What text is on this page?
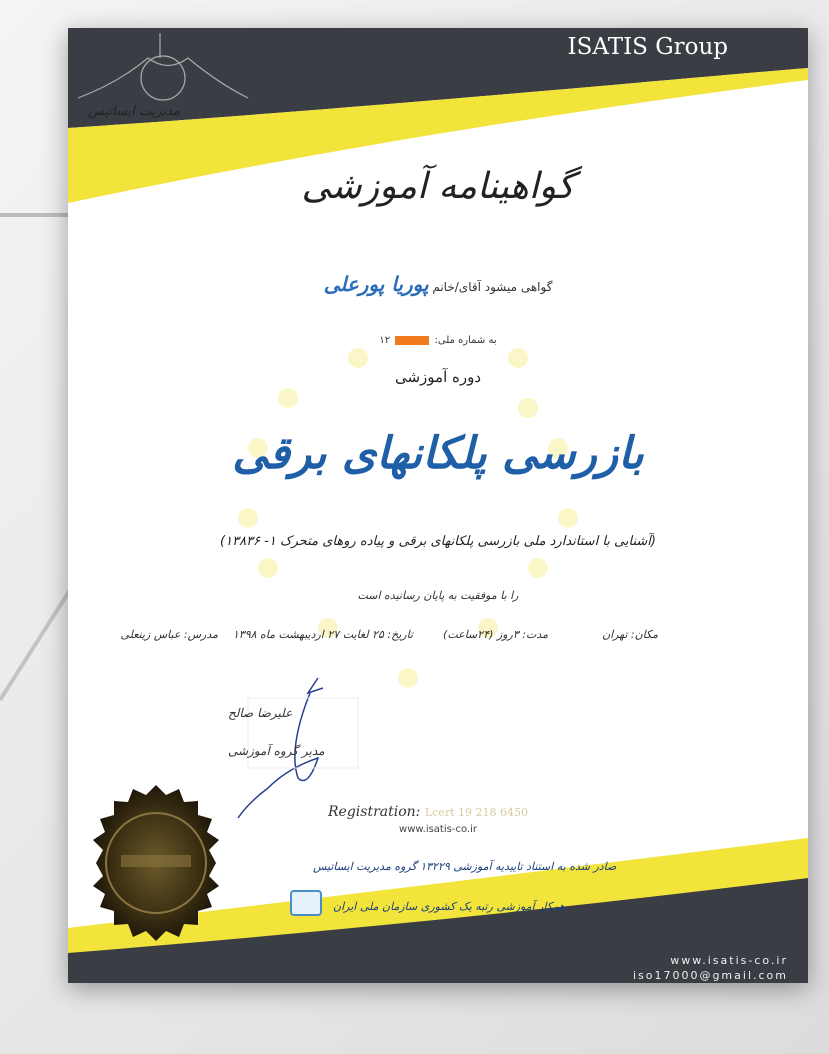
ISATIS Group
مدیریت ایساتیس
گواهینامه آموزشی
گواهی میشود آقای/خانم پوریا پورعلی
به شماره ملی:  ۱۲
دوره آموزشی
بازرسی پلکانهای برقی
(آشنایی با استاندارد ملی بازرسی پلکانهای برقی و پیاده روهای متحرک ۱- ۱۳۸۳۶)
را با موفقیت به پایان رسانیده است
مکان: تهران
مدت: ۳روز (۲۴ساعت)
تاریخ: ۲۵ لغایت ۲۷ اردیبهشت ماه ۱۳۹۸
مدرس: عباس زینعلی
علیرضا صالح
مدیر گروه آموزشی
Registration: Lcert 19 218 6450
www.isatis-co.ir
صادر شده به استناد تاییدیه آموزشی ۱۳۲۲۹ گروه مدیریت ایساتیس
همکار آموزشی رتبه یک کشوری سازمان ملی ایران
www.isatis-co.ir
iso17000@gmail.com
